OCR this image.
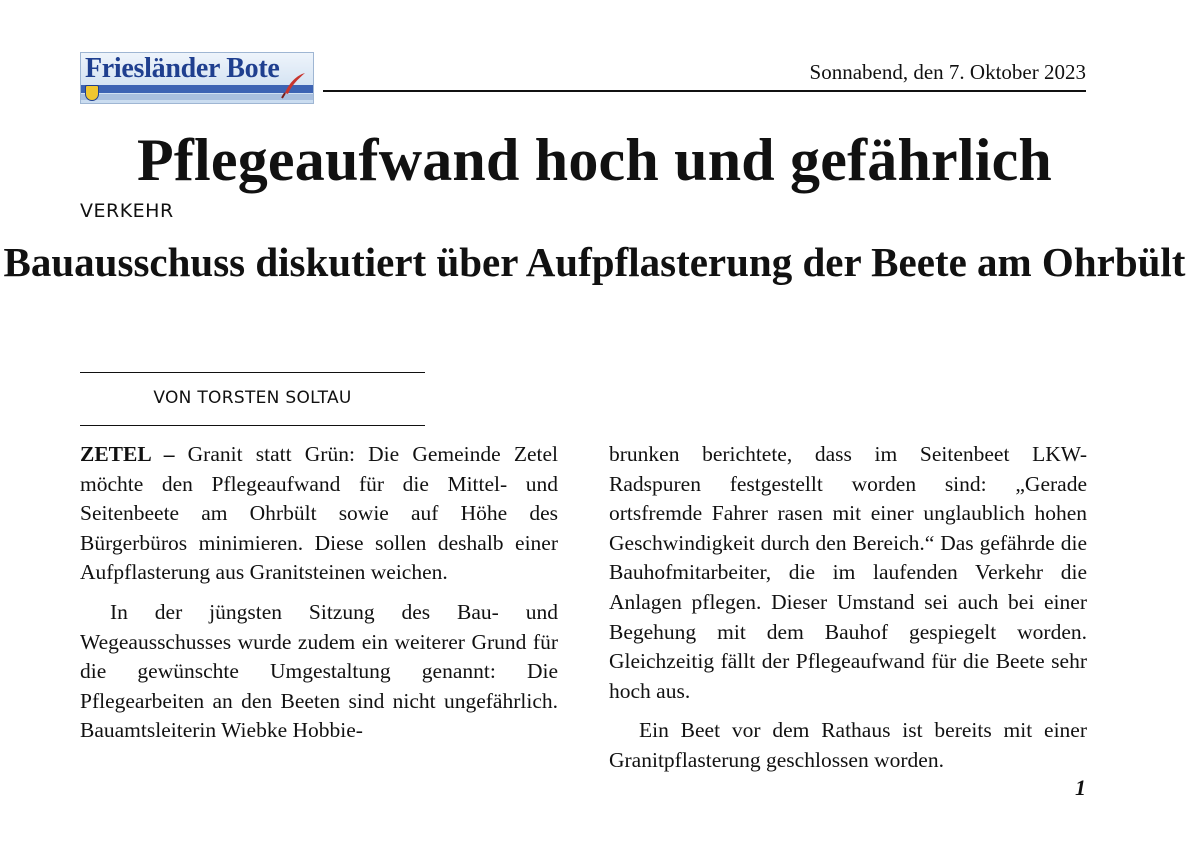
Friesländer Bote	Sonnabend, den 7. Oktober 2023
Pflegeaufwand hoch und gefährlich
VERKEHR
Bauausschuss diskutiert über Aufpflasterung der Beete am Ohrbült
VON TORSTEN SOLTAU

ZETEL – Granit statt Grün: Die Gemeinde Zetel möchte den Pflegeaufwand für die Mittel- und Seitenbeete am Ohrbült sowie auf Höhe des Bürgerbüros minimieren. Diese sollen deshalb einer Aufpflasterung aus Granitsteinen weichen.

In der jüngsten Sitzung des Bau- und Wegeausschusses wurde zudem ein weiterer Grund für die gewünschte Umgestaltung genannt: Die Pflegearbeiten an den Beeten sind nicht ungefährlich. Bauamtsleiterin Wiebke Hobbie-

brunken berichtete, dass im Seitenbeet LKW-Radspuren festgestellt worden sind: „Gerade ortsfremde Fahrer rasen mit einer unglaublich hohen Geschwindigkeit durch den Bereich.“ Das gefährde die Bauhofmitarbeiter, die im laufenden Verkehr die Anlagen pflegen. Dieser Umstand sei auch bei einer Begehung mit dem Bauhof gespiegelt worden. Gleichzeitig fällt der Pflegeaufwand für die Beete sehr hoch aus.

Ein Beet vor dem Rathaus ist bereits mit einer Granitpflasterung geschlossen worden.

1
